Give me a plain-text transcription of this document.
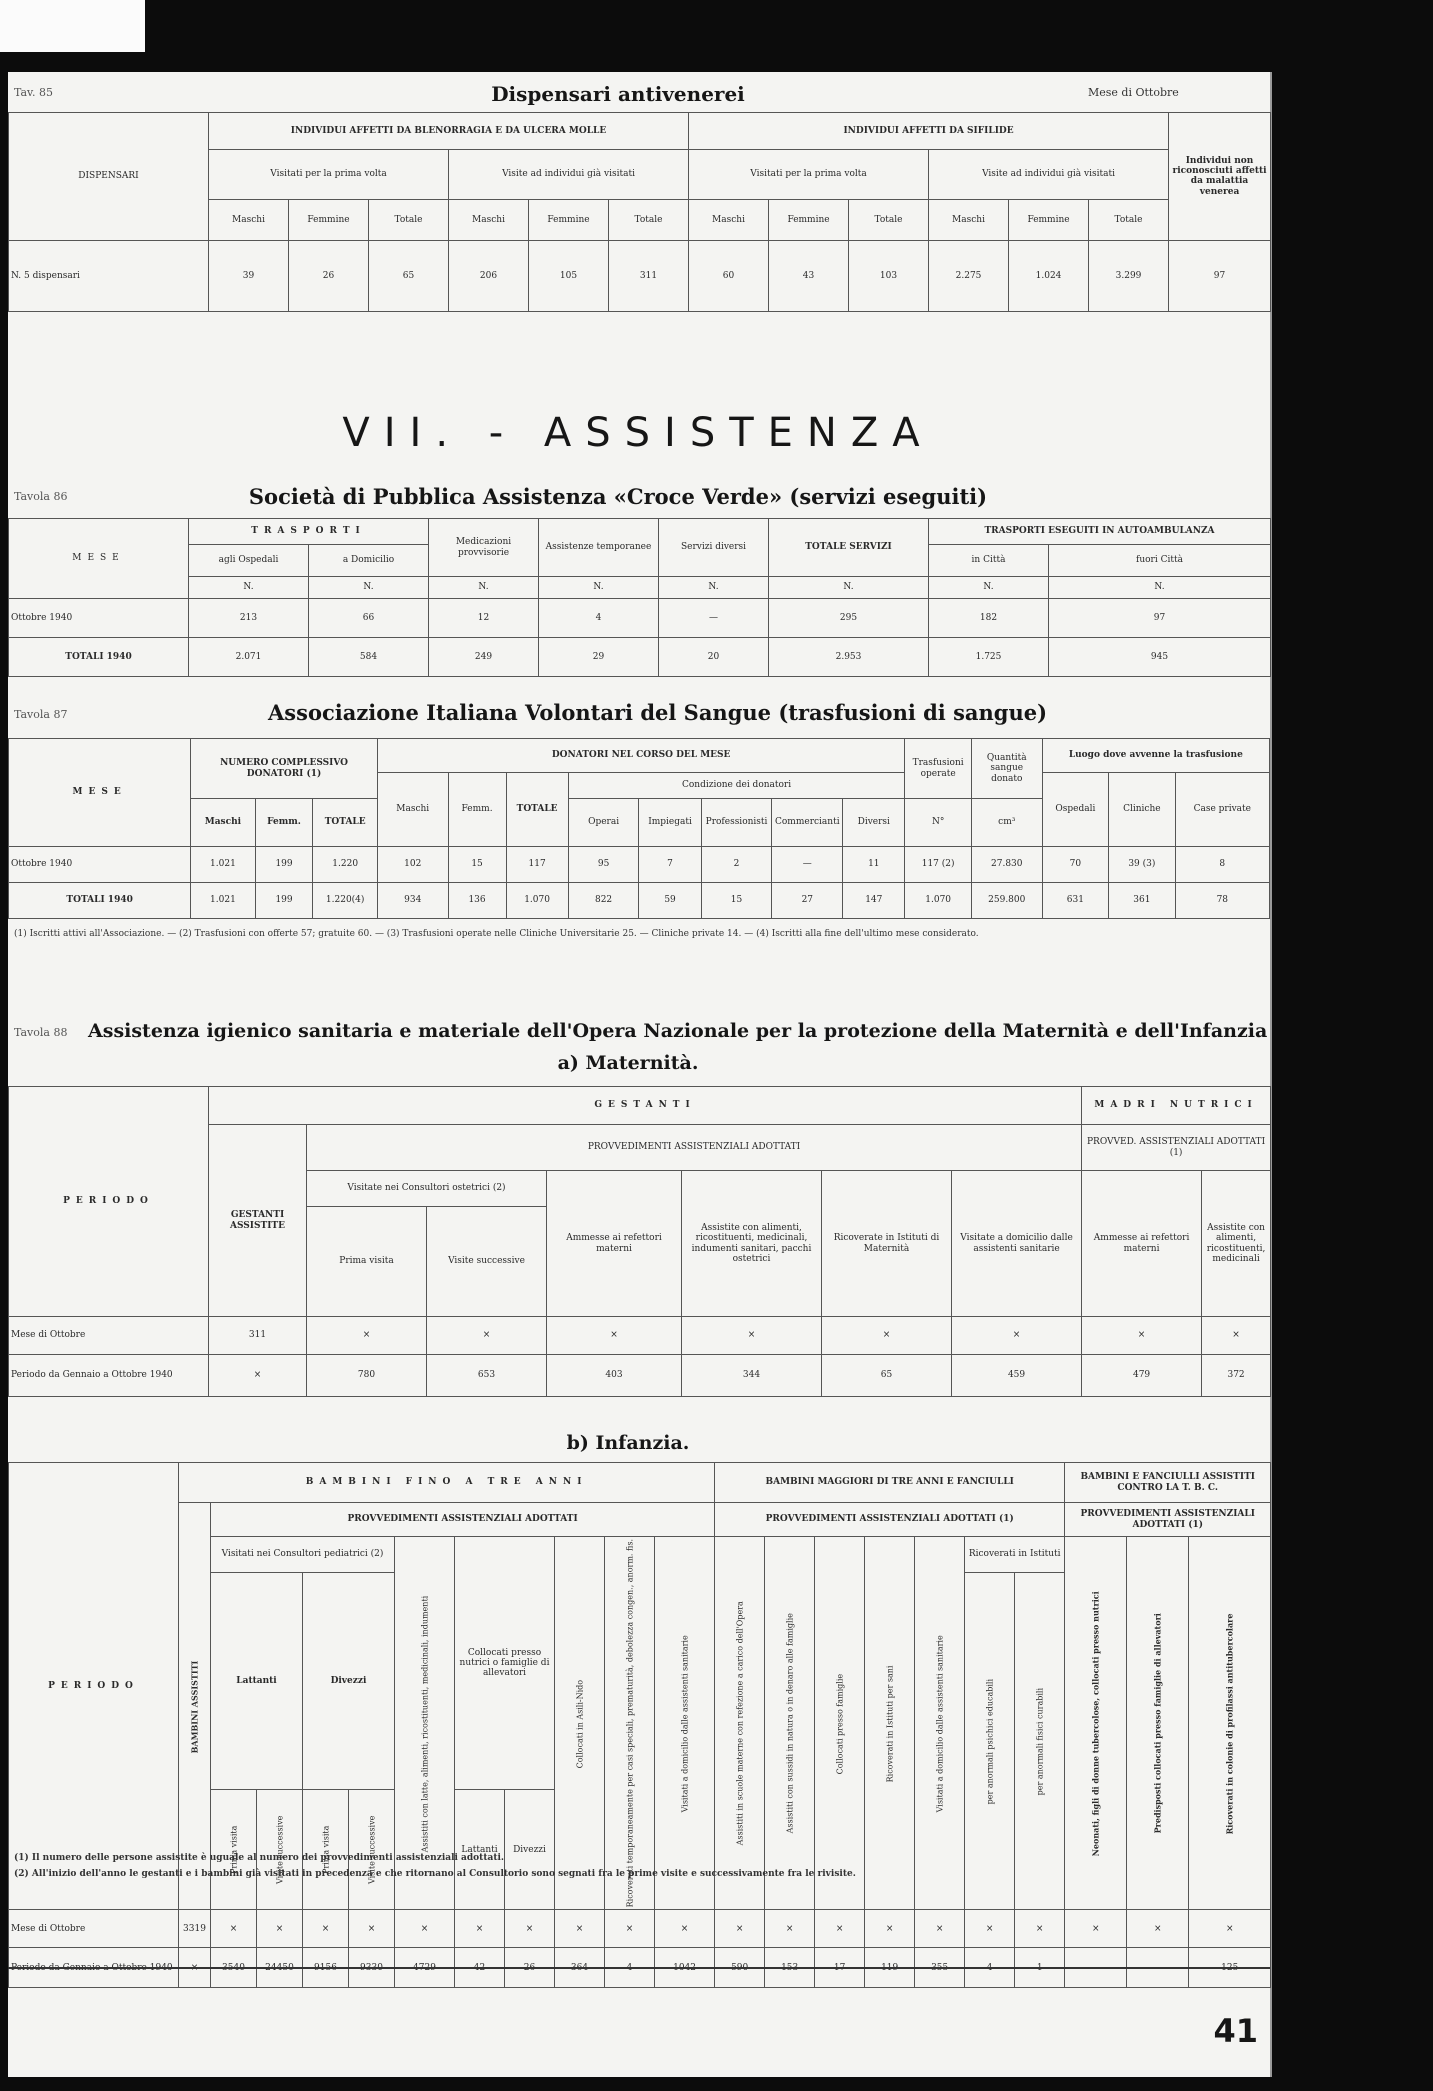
Tav. 85	Dispensari antivenerei	Mese di Ottobre
DISPENSARI	INDIVIDUI AFFETTI DA BLENORRAGIA E DA ULCERA MOLLE						INDIVIDUI AFFETTI DA SIFILIDE						Individui non riconosciuti affetti da malattia venerea
	Visitati per la prima volta			Visite ad individui già visitati			Visitati per la prima volta			Visite ad individui già visitati			
	Maschi	Femmine	Totale	Maschi	Femmine	Totale	Maschi	Femmine	Totale	Maschi	Femmine	Totale	
N. 5 dispensari	39	26	65	206	105	311	60	43	103	2.275	1.024	3.299	97
VII. - ASSISTENZA
Tavola 86	Società di Pubblica Assistenza «Croce Verde» (servizi eseguiti)
MESE	TRASPORTI		Medicazioni provvisorie	Assistenze temporanee	Servizi diversi	TOTALE SERVIZI	TRASPORTI ESEGUITI IN AUTOAMBULANZA	
	agli Ospedali	a Domicilio					in Città	fuori Città
	N.	N.	N.	N.	N.	N.	N.	N.
Ottobre 1940	213	66	12	4	—	295	182	97
TOTALI 1940	2.071	584	249	29	20	2.953	1.725	945
Tavola 87	Associazione Italiana Volontari del Sangue (trasfusioni di sangue)
MESE	NUMERO COMPLESSIVO DONATORI (1)			DONATORI NEL CORSO DEL MESE								Trasfusioni operate	Quantità sangue donato	Luogo dove avvenne la trasfusione		
				Maschi	Femm.	TOTALE	Condizione dei donatori							Ospedali	Cliniche	Case private
	Maschi	Femm.	TOTALE				Operai	Impiegati	Professionisti	Commercianti	Diversi	N°	cm³			
Ottobre 1940	1.021	199	1.220	102	15	117	95	7	2	—	11	117 (2)	27.830	70	39 (3)	8
TOTALI 1940	1.021	199	1.220(4)	934	136	1.070	822	59	15	27	147	1.070	259.800	631	361	78
(1) Iscritti attivi all'Associazione. — (2) Trasfusioni con offerte 57; gratuite 60. — (3) Trasfusioni operate nelle Cliniche Universitarie 25. — Cliniche private 14. — (4) Iscritti alla fine dell'ultimo mese considerato.
Tavola 88 Assistenza igienico sanitaria e materiale dell'Opera Nazionale per la protezione della Maternità e dell'Infanzia
a) Maternità.
PERIODO	GESTANTI							MADRI NUTRICI	
	GESTANTI ASSISTITE	PROVVEDIMENTI ASSISTENZIALI ADOTTATI						PROVVED. ASSISTENZIALI ADOTTATI (1)	
		Visitate nei Consultori ostetrici (2)		Ammesse ai refettori materni	Assistite con alimenti, ricostituenti, medicinali, indumenti sanitari, pacchi ostetrici	Ricoverate in Istituti di Maternità	Visitate a domicilio dalle assistenti sanitarie	Ammesse ai refettori materni	Assistite con alimenti, ricostituenti, medicinali
		Prima visita	Visite successive						
Mese di Ottobre	311	×	×	×	×	×	×	×	×
Periodo da Gennaio a Ottobre 1940	×	780	653	403	344	65	459	479	372
b) Infanzia.
PERIODO	BAMBINI FINO A TRE ANNI											BAMBINI MAGGIORI DI TRE ANNI E FANCIULLI							BAMBINI E FANCIULLI ASSISTITI CONTRO LA T. B. C.		
	BAMBINI ASSISTITI	PROVVEDIMENTI ASSISTENZIALI ADOTTATI										PROVVEDIMENTI ASSISTENZIALI ADOTTATI (1)							PROVVEDIMENTI ASSISTENZIALI ADOTTATI (1)		
		Visitati nei Consultori pediatrici (2)				Assistiti con latte, alimenti, ricostituenti, medicinali, indumenti	Collocati presso nutrici o famiglie di allevatori		Collocati in Asili-Nido	Ricoverati temporaneamente per casi speciali, prematurità, debolezza congen., anorm. fis.	Visitati a domicilio dalle assistenti sanitarie	Assistiti in scuole materne con refezione a carico dell'Opera	Assistiti con sussidi in natura o in denaro alle famiglie	Collocati presso famiglie	Ricoverati in Istituti per sani	Visitati a domicilio dalle assistenti sanitarie	Ricoverati in Istituti		Neonati, figli di donne tubercolose, collocati presso nutrici	Predisposti collocati presso famiglie di allevatori	Ricoverati in colonie di profilassi antitubercolare
		Lattanti		Divezzi													per anormali psichici educabili	per anormali fisici curabili			
		Prima visita	Visite successive	Prima visita	Visite successive		Lattanti	Divezzi													
Mese di Ottobre	3319	×	×	×	×	×	×	×	×	×	×	×	×	×	×	×	×	×	×	×	×
Periodo da Gennaio a Ottobre 1940	×	3540	24450	9156	9330	4729	42	26	364	4	1042	590	153	17	119	355	4	1	—	—	125
(1) Il numero delle persone assistite è uguale al numero dei provvedimenti assistenziali adottati.
(2) All'inizio dell'anno le gestanti e i bambini già visitati in precedenza e che ritornano al Consultorio sono segnati fra le prime visite e successivamente fra le rivisite.
41
